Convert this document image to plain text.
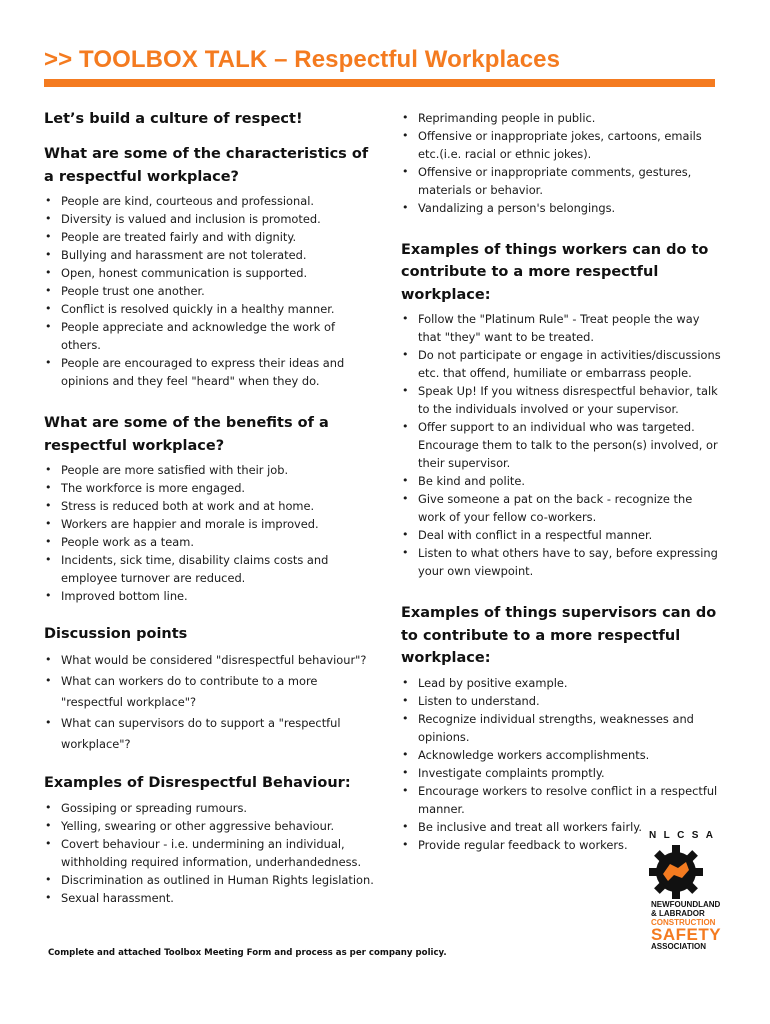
>> TOOLBOX TALK – Respectful Workplaces

Let’s build a culture of respect!

What are some of the characteristics of a respectful workplace?
• People are kind, courteous and professional.
• Diversity is valued and inclusion is promoted.
• People are treated fairly and with dignity.
• Bullying and harassment are not tolerated.
• Open, honest communication is supported.
• People trust one another.
• Conflict is resolved quickly in a healthy manner.
• People appreciate and acknowledge the work of others.
• People are encouraged to express their ideas and opinions and they feel "heard" when they do.
What are some of the benefits of a respectful workplace?
• People are more satisfied with their job.
• The workforce is more engaged.
• Stress is reduced both at work and at home.
• Workers are happier and morale is improved.
• People work as a team.
• Incidents, sick time, disability claims costs and employee turnover are reduced.
• Improved bottom line.
Discussion points
• What would be considered "disrespectful behaviour"?
• What can workers do to contribute to a more "respectful workplace"?
• What can supervisors do to support a "respectful workplace"?
Examples of Disrespectful Behaviour:
• Gossiping or spreading rumours.
• Yelling, swearing or other aggressive behaviour.
• Covert behaviour - i.e. undermining an individual, withholding required information, underhandedness.
• Discrimination as outlined in Human Rights legislation.
• Sexual harassment.
• Reprimanding people in public.
• Offensive or inappropriate jokes, cartoons, emails etc.(i.e. racial or ethnic jokes).
• Offensive or inappropriate comments, gestures, materials or behavior.
• Vandalizing a person's belongings.
Examples of things workers can do to contribute to a more respectful workplace:
• Follow the "Platinum Rule" - Treat people the way that "they" want to be treated.
• Do not participate or engage in activities/discussions etc. that offend, humiliate or embarrass people.
• Speak Up! If you witness disrespectful behavior, talk to the individuals involved or your supervisor.
• Offer support to an individual who was targeted. Encourage them to talk to the person(s) involved, or their supervisor.
• Be kind and polite.
• Give someone a pat on the back - recognize the work of your fellow co-workers.
• Deal with conflict in a respectful manner.
• Listen to what others have to say, before expressing your own viewpoint.
Examples of things supervisors can do to contribute to a more respectful workplace:
• Lead by positive example.
• Listen to understand.
• Recognize individual strengths, weaknesses and opinions.
• Acknowledge workers accomplishments.
• Investigate complaints promptly.
• Encourage workers to resolve conflict in a respectful manner.
• Be inclusive and treat all workers fairly.
• Provide regular feedback to workers.
Complete and attached Toolbox Meeting Form and process as per company policy.
N L C S A
NEWFOUNDLAND
& LABRADOR
CONSTRUCTION
SAFETY
ASSOCIATION
